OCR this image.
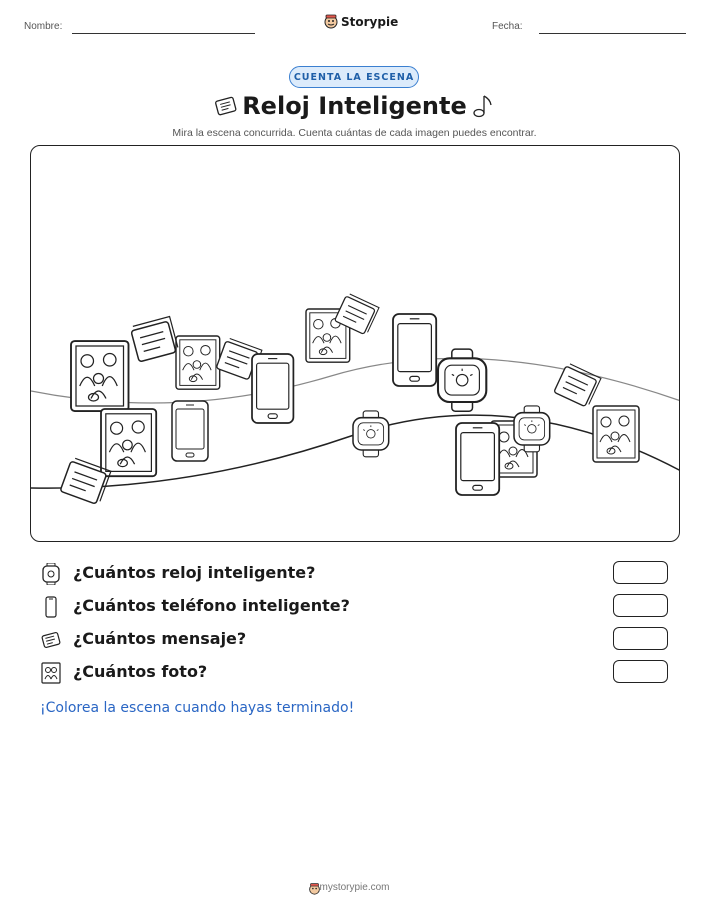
Nombre:	Storypie	Fecha:
CUENTA LA ESCENA
Reloj Inteligente
Mira la escena concurrida. Cuenta cuántas de cada imagen puedes encontrar.
¿Cuántos reloj inteligente?
¿Cuántos teléfono inteligente?
¿Cuántos mensaje?
¿Cuántos foto?
¡Colorea la escena cuando hayas terminado!
mystorypie.com
